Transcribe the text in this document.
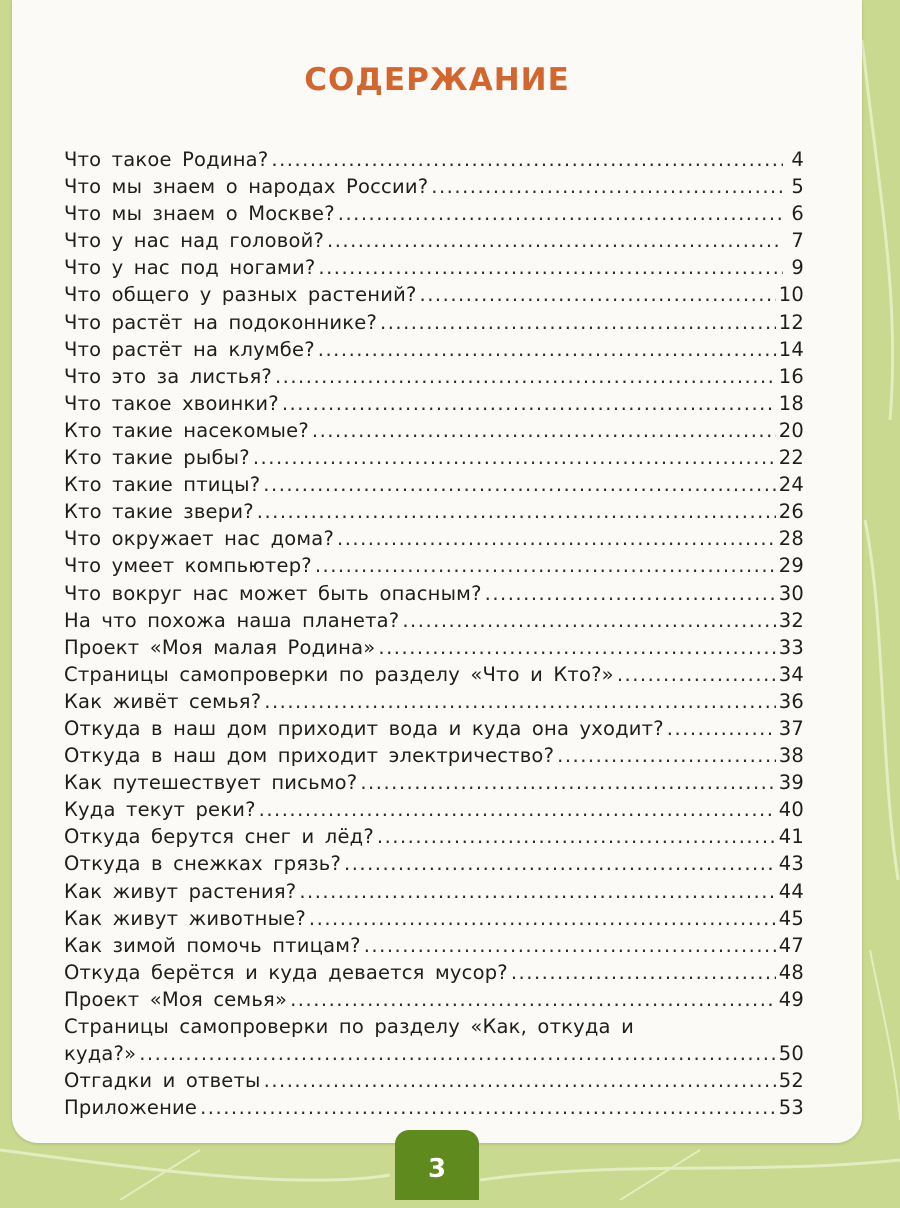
СОДЕРЖАНИЕ
Что такое Родина? .....	4
Что мы знаем о народах России? .....	5
Что мы знаем о Москве? .....	6
Что у нас над головой? .....	7
Что у нас под ногами? .....	9
Что общего у разных растений? .....	10
Что растёт на подоконнике? .....	12
Что растёт на клумбе? .....	14
Что это за листья? .....	16
Что такое хвоинки? .....	18
Кто такие насекомые? .....	20
Кто такие рыбы? .....	22
Кто такие птицы? .....	24
Кто такие звери? .....	26
Что окружает нас дома? .....	28
Что умеет компьютер? .....	29
Что вокруг нас может быть опасным? .....	30
На что похожа наша планета? .....	32
Проект «Моя малая Родина» .....	33
Страницы самопроверки по разделу «Что и Кто?» .....	34
Как живёт семья? .....	36
Откуда в наш дом приходит вода и куда она уходит? .....	37
Откуда в наш дом приходит электричество? .....	38
Как путешествует письмо? .....	39
Куда текут реки? .....	40
Откуда берутся снег и лёд? .....	41
Откуда в снежках грязь? .....	43
Как живут растения? .....	44
Как живут животные? .....	45
Как зимой помочь птицам? .....	47
Откуда берётся и куда девается мусор? .....	48
Проект «Моя семья» .....	49
Страницы самопроверки по разделу «Как, откуда и
куда?» .....	50
Отгадки и ответы .....	52
Приложение .....	53
3
